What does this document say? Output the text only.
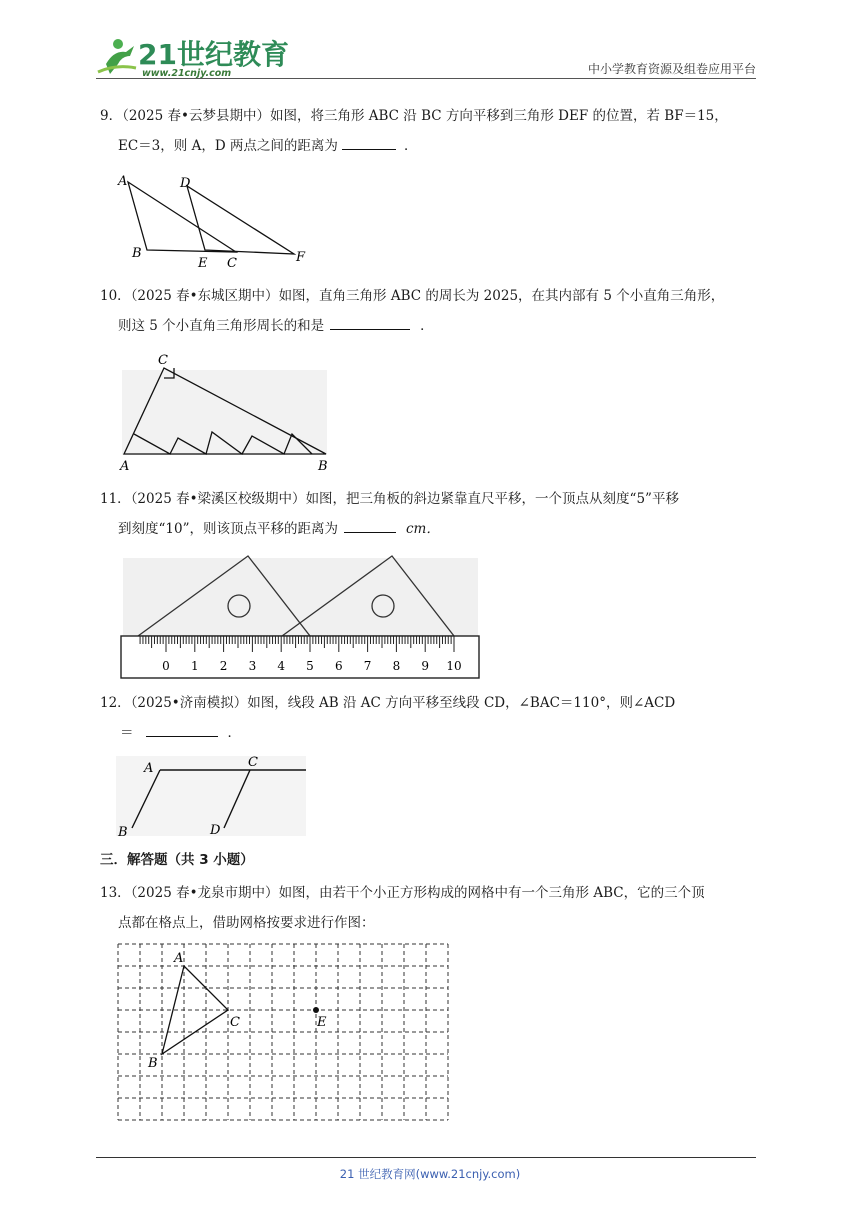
21世纪教育
www.21cnjy.com	中小学教育资源及组卷应用平台
9．（2025 春•云梦县期中）如图，将三角形 ABC 沿 BC 方向平移到三角形 DEF 的位置，若 BF＝15，
EC＝3，则 A，D 两点之间的距离为	．
A	D
B
E C	F
10．（2025 春•东城区期中）如图，直角三角形 ABC 的周长为 2025，在其内部有 5 个小直角三角形，
则这 5 个小直角三角形周长的和是	．
C
A	B
11．（2025 春•梁溪区校级期中）如图，把三角板的斜边紧靠直尺平移，一个顶点从刻度“5”平移
到刻度“10”，则该顶点平移的距离为	cm．
0 1 2 3 4 5 6 7 8 9 10
12．（2025•济南模拟）如图，线段 AB 沿 AC 方向平移至线段 CD，∠BAC＝110°，则∠ACD
＝	．
A	C
B	D
三．解答题（共 3 小题）
13．（2025 春•龙泉市期中）如图，由若干个小正方形构成的网格中有一个三角形 ABC，它的三个顶
点都在格点上，借助网格按要求进行作图：
A
B
C	E
21 世纪教育网(www.21cnjy.com)
